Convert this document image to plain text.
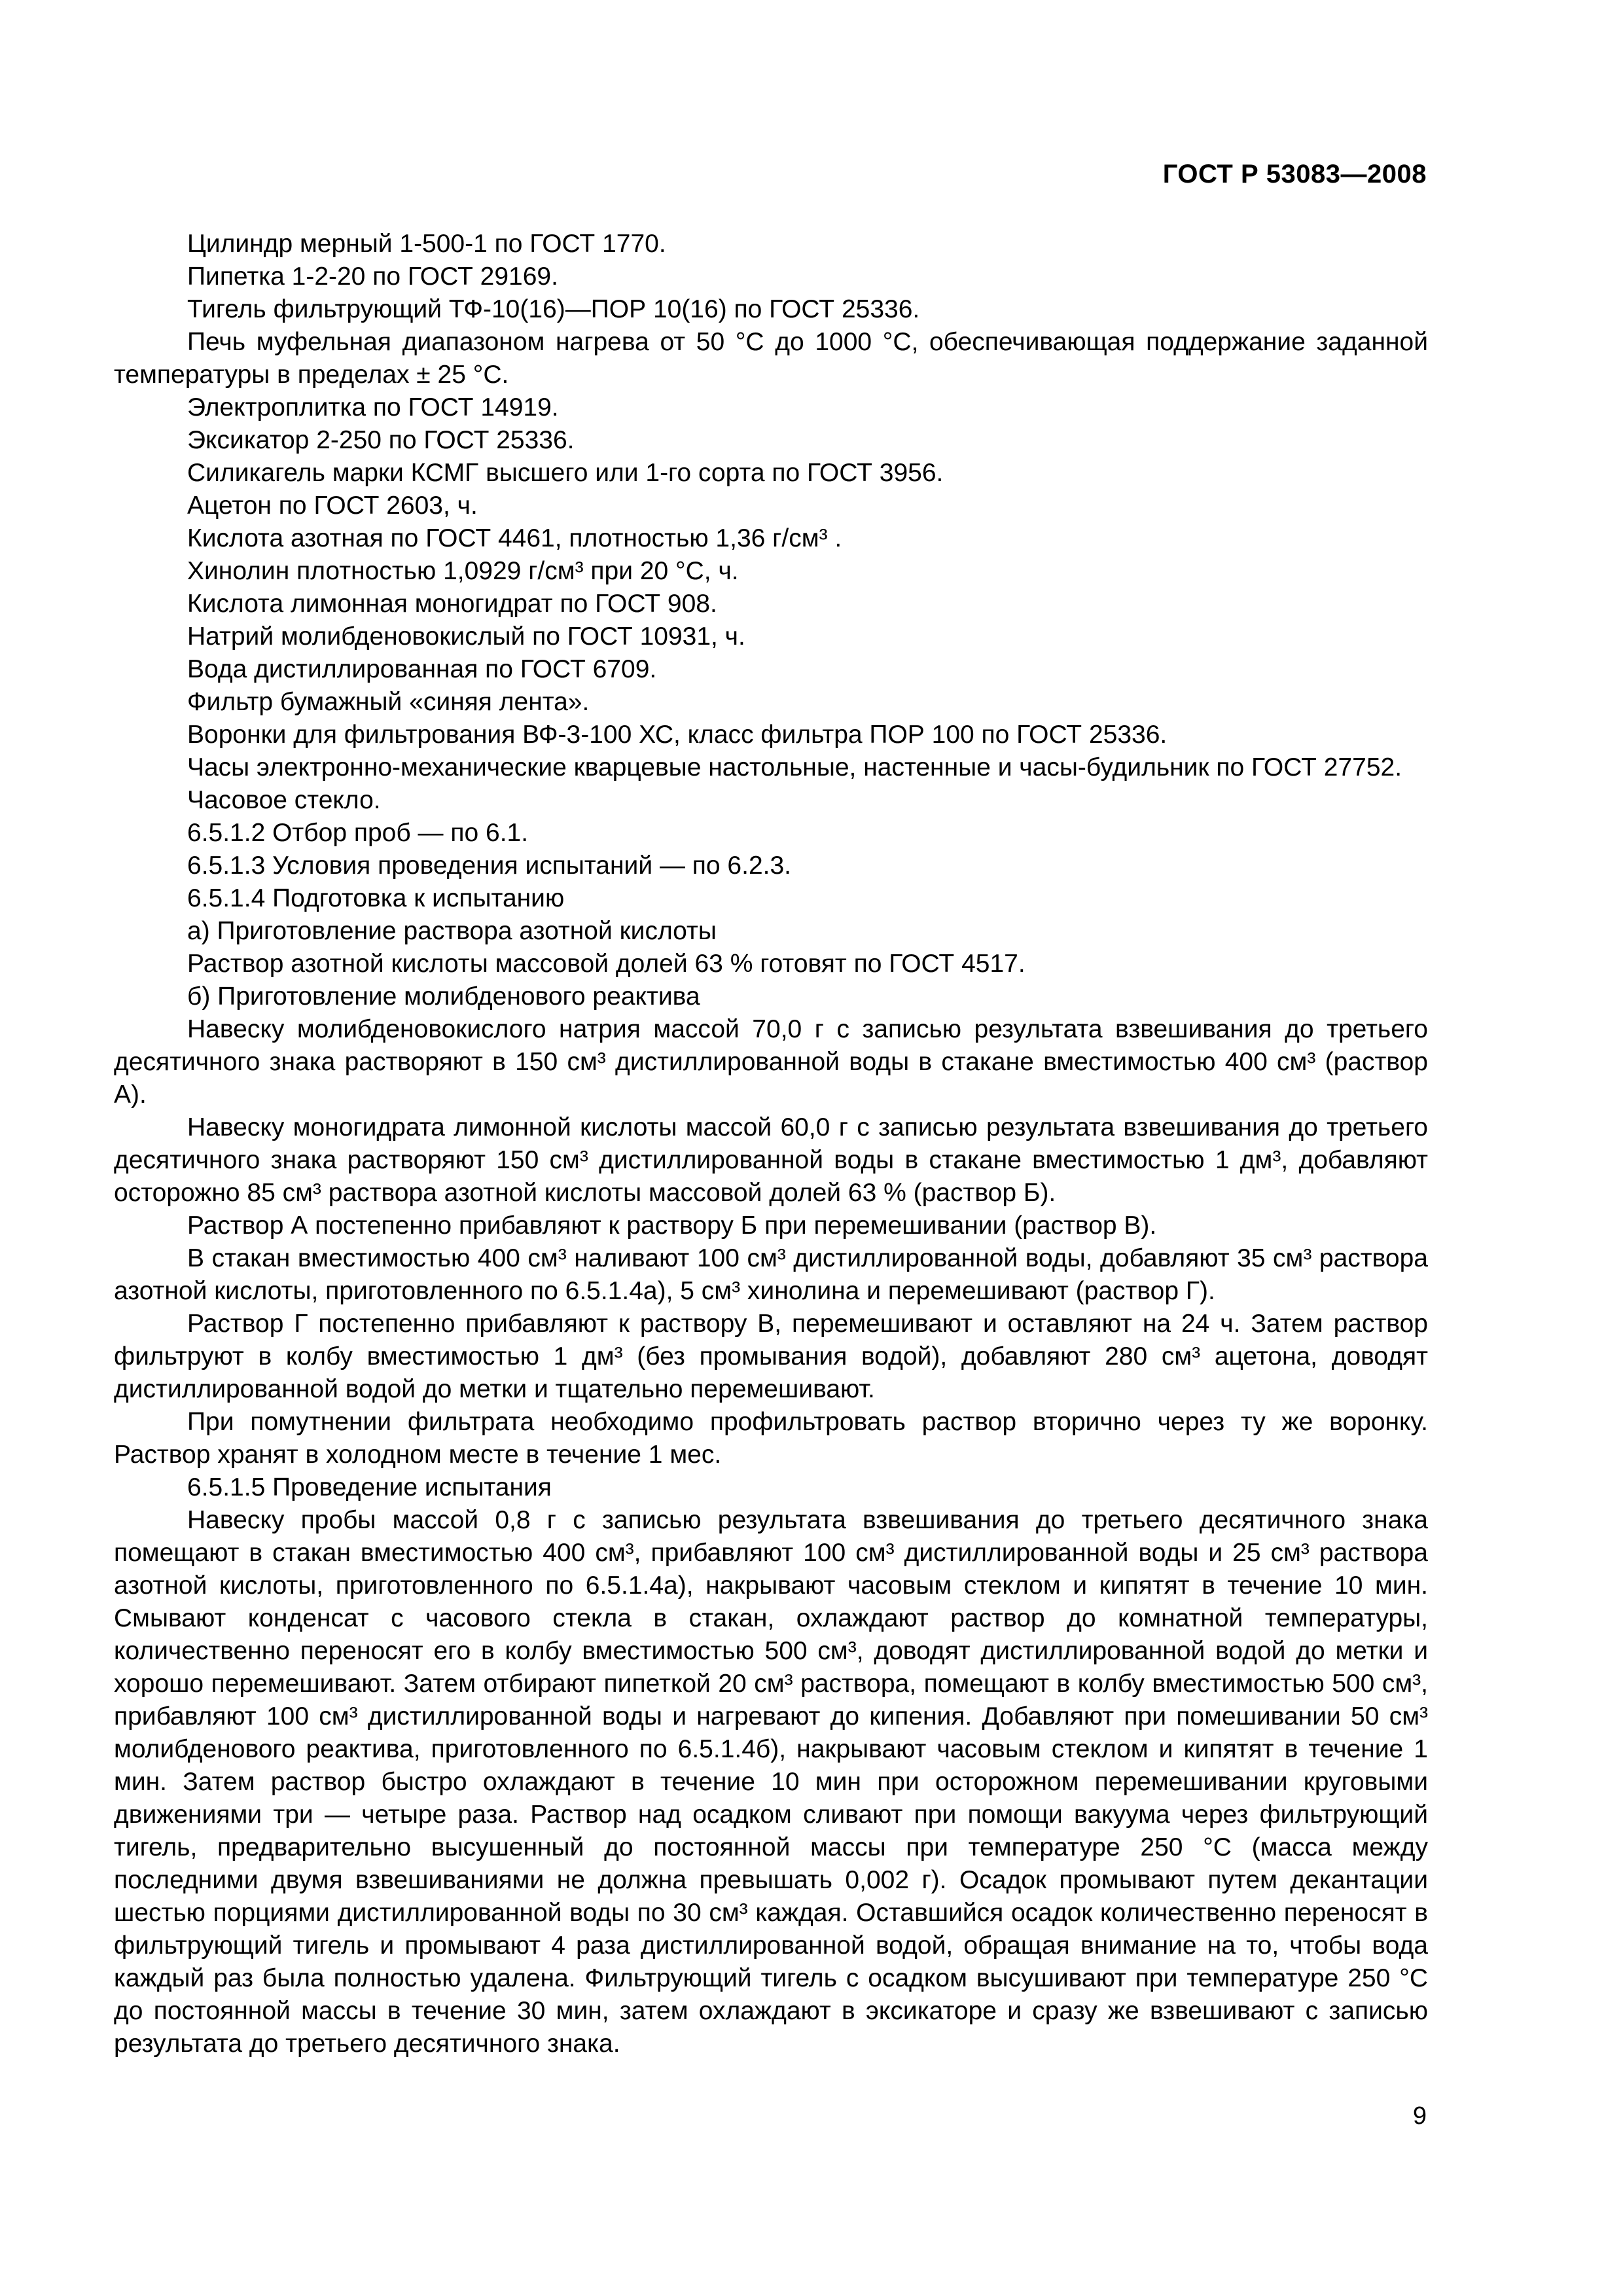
ГОСТ Р 53083—2008

Цилиндр мерный 1-500-1 по ГОСТ 1770.

Пипетка 1-2-20 по ГОСТ 29169.

Тигель фильтрующий ТФ-10(16)—ПОР 10(16) по ГОСТ 25336.

Печь муфельная диапазоном нагрева от 50 °С до 1000 °С, обеспечивающая поддержание заданной температуры в пределах ± 25 °С.

Электроплитка по ГОСТ 14919.

Эксикатор 2-250 по ГОСТ 25336.

Силикагель марки КСМГ высшего или 1-го сорта по ГОСТ 3956.

Ацетон по ГОСТ 2603, ч.

Кислота азотная по ГОСТ 4461, плотностью 1,36 г/см³ .

Хинолин плотностью 1,0929 г/см³ при 20 °С, ч.

Кислота лимонная моногидрат по ГОСТ 908.

Натрий молибденовокислый по ГОСТ 10931, ч.

Вода дистиллированная по ГОСТ 6709.

Фильтр бумажный «синяя лента».

Воронки для фильтрования ВФ-3-100 ХС, класс фильтра ПОР 100 по ГОСТ 25336.

Часы электронно-механические кварцевые настольные, настенные и часы-будильник по ГОСТ 27752.

Часовое стекло.

6.5.1.2 Отбор проб — по 6.1.

6.5.1.3 Условия проведения испытаний — по 6.2.3.

6.5.1.4 Подготовка к испытанию

а) Приготовление раствора азотной кислоты

Раствор азотной кислоты массовой долей 63 % готовят по ГОСТ 4517.

б) Приготовление молибденового реактива

Навеску молибденовокислого натрия массой 70,0 г с записью результата взвешивания до третьего десятичного знака растворяют в 150 см³ дистиллированной воды в стакане вместимостью 400 см³ (раствор А).

Навеску моногидрата лимонной кислоты массой 60,0 г с записью результата взвешивания до третьего десятичного знака растворяют 150 см³ дистиллированной воды в стакане вместимостью 1 дм³, добавляют осторожно 85 см³ раствора азотной кислоты массовой долей 63 % (раствор Б).

Раствор А постепенно прибавляют к раствору Б при перемешивании (раствор В).

В стакан вместимостью 400 см³ наливают 100 см³ дистиллированной воды, добавляют 35 см³ раствора азотной кислоты, приготовленного по 6.5.1.4а), 5 см³ хинолина и перемешивают (раствор Г).

Раствор Г постепенно прибавляют к раствору В, перемешивают и оставляют на 24 ч. Затем раствор фильтруют в колбу вместимостью 1 дм³ (без промывания водой), добавляют 280 см³ ацетона, доводят дистиллированной водой до метки и тщательно перемешивают.

При помутнении фильтрата необходимо профильтровать раствор вторично через ту же воронку. Раствор хранят в холодном месте в течение 1 мес.

6.5.1.5 Проведение испытания

Навеску пробы массой 0,8 г с записью результата взвешивания до третьего десятичного знака помещают в стакан вместимостью 400 см³, прибавляют 100 см³ дистиллированной воды и 25 см³ раствора азотной кислоты, приготовленного по 6.5.1.4а), накрывают часовым стеклом и кипятят в течение 10 мин. Смывают конденсат с часового стекла в стакан, охлаждают раствор до комнатной температуры, количественно переносят его в колбу вместимостью 500 см³, доводят дистиллированной водой до метки и хорошо перемешивают. Затем отбирают пипеткой 20 см³ раствора, помещают в колбу вместимостью 500 см³, прибавляют 100 см³ дистиллированной воды и нагревают до кипения. Добавляют при помешивании 50 см³ молибденового реактива, приготовленного по 6.5.1.4б), накрывают часовым стеклом и кипятят в течение 1 мин. Затем раствор быстро охлаждают в течение 10 мин при осторожном перемешивании круговыми движениями три — четыре раза. Раствор над осадком сливают при помощи вакуума через фильтрующий тигель, предварительно высушенный до постоянной массы при температуре 250 °С (масса между последними двумя взвешиваниями не должна превышать 0,002 г). Осадок промывают путем декантации шестью порциями дистиллированной воды по 30 см³ каждая. Оставшийся осадок количественно переносят в фильтрующий тигель и промывают 4 раза дистиллированной водой, обращая внимание на то, чтобы вода каждый раз была полностью удалена. Фильтрующий тигель с осадком высушивают при температуре 250 °С до постоянной массы в течение 30 мин, затем охлаждают в эксикаторе и сразу же взвешивают с записью результата до третьего десятичного знака.

9
